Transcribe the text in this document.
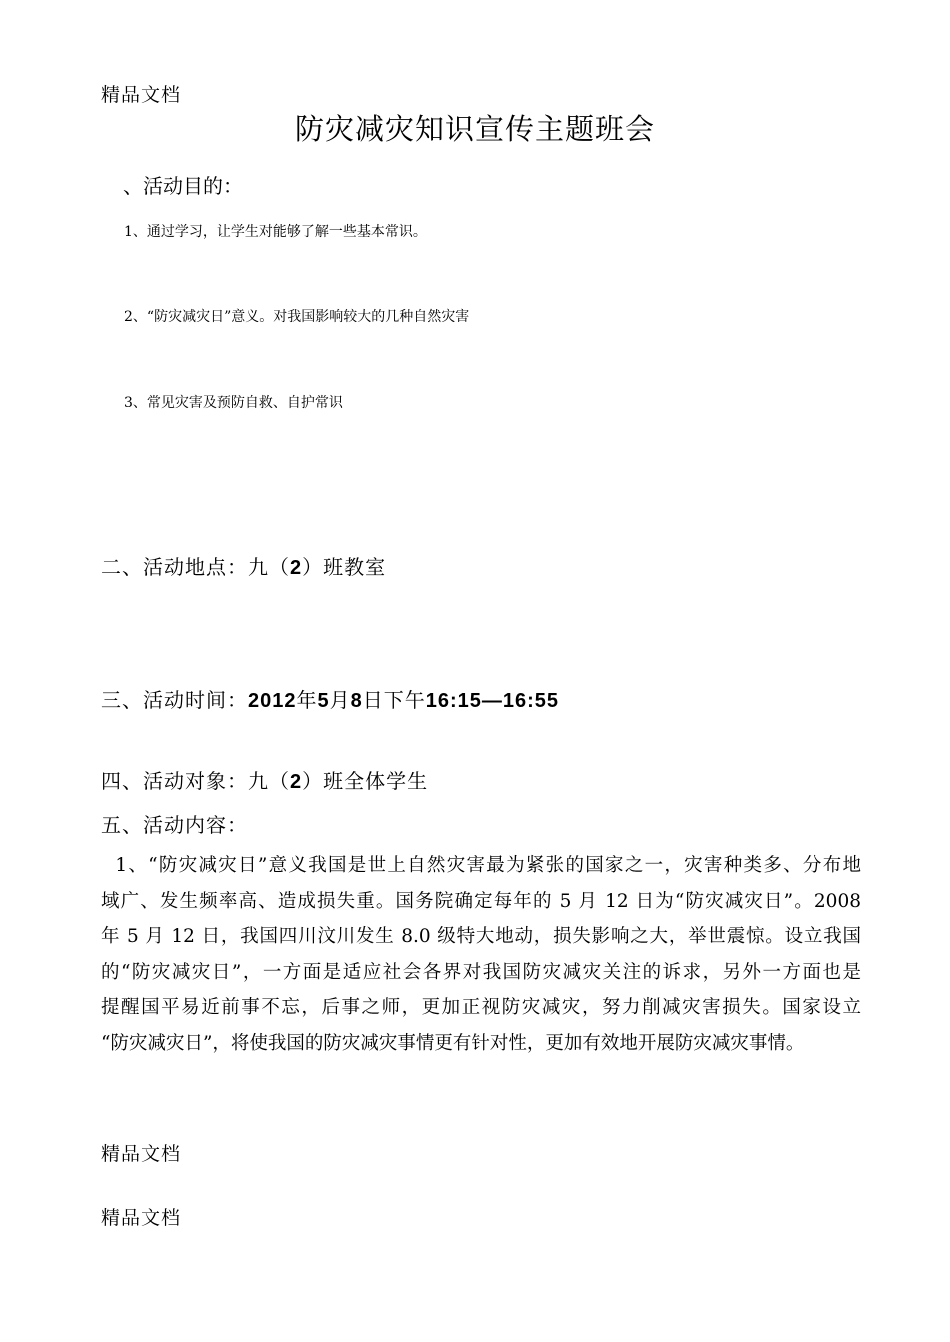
精品文档
防灾减灾知识宣传主题班会
、活动目的：
1、通过学习，让学生对能够了解一些基本常识。
2、“防灾减灾日”意义。对我国影响较大的几种自然灾害
3、常见灾害及预防自救、自护常识
二、活动地点：九（2）班教室
三、活动时间：2012年5月8日下午16:15—16:55
四、活动对象：九（2）班全体学生
五、活动内容：
1、“防灾减灾日”意义我国是世上自然灾害最为紧张的国家之一，灾害种类多、分布地
域广、发生频率高、造成损失重。国务院确定每年的 5 月 12 日为“防灾减灾日”。2008
年 5 月 12 日，我国四川汶川发生 8.0 级特大地动，损失影响之大，举世震惊。设立我国
的“防灾减灾日”，一方面是适应社会各界对我国防灾减灾关注的诉求，另外一方面也是
提醒国平易近前事不忘，后事之师，更加正视防灾减灾，努力削减灾害损失。国家设立
“防灾减灾日”，将使我国的防灾减灾事情更有针对性，更加有效地开展防灾减灾事情。
精品文档
精品文档
